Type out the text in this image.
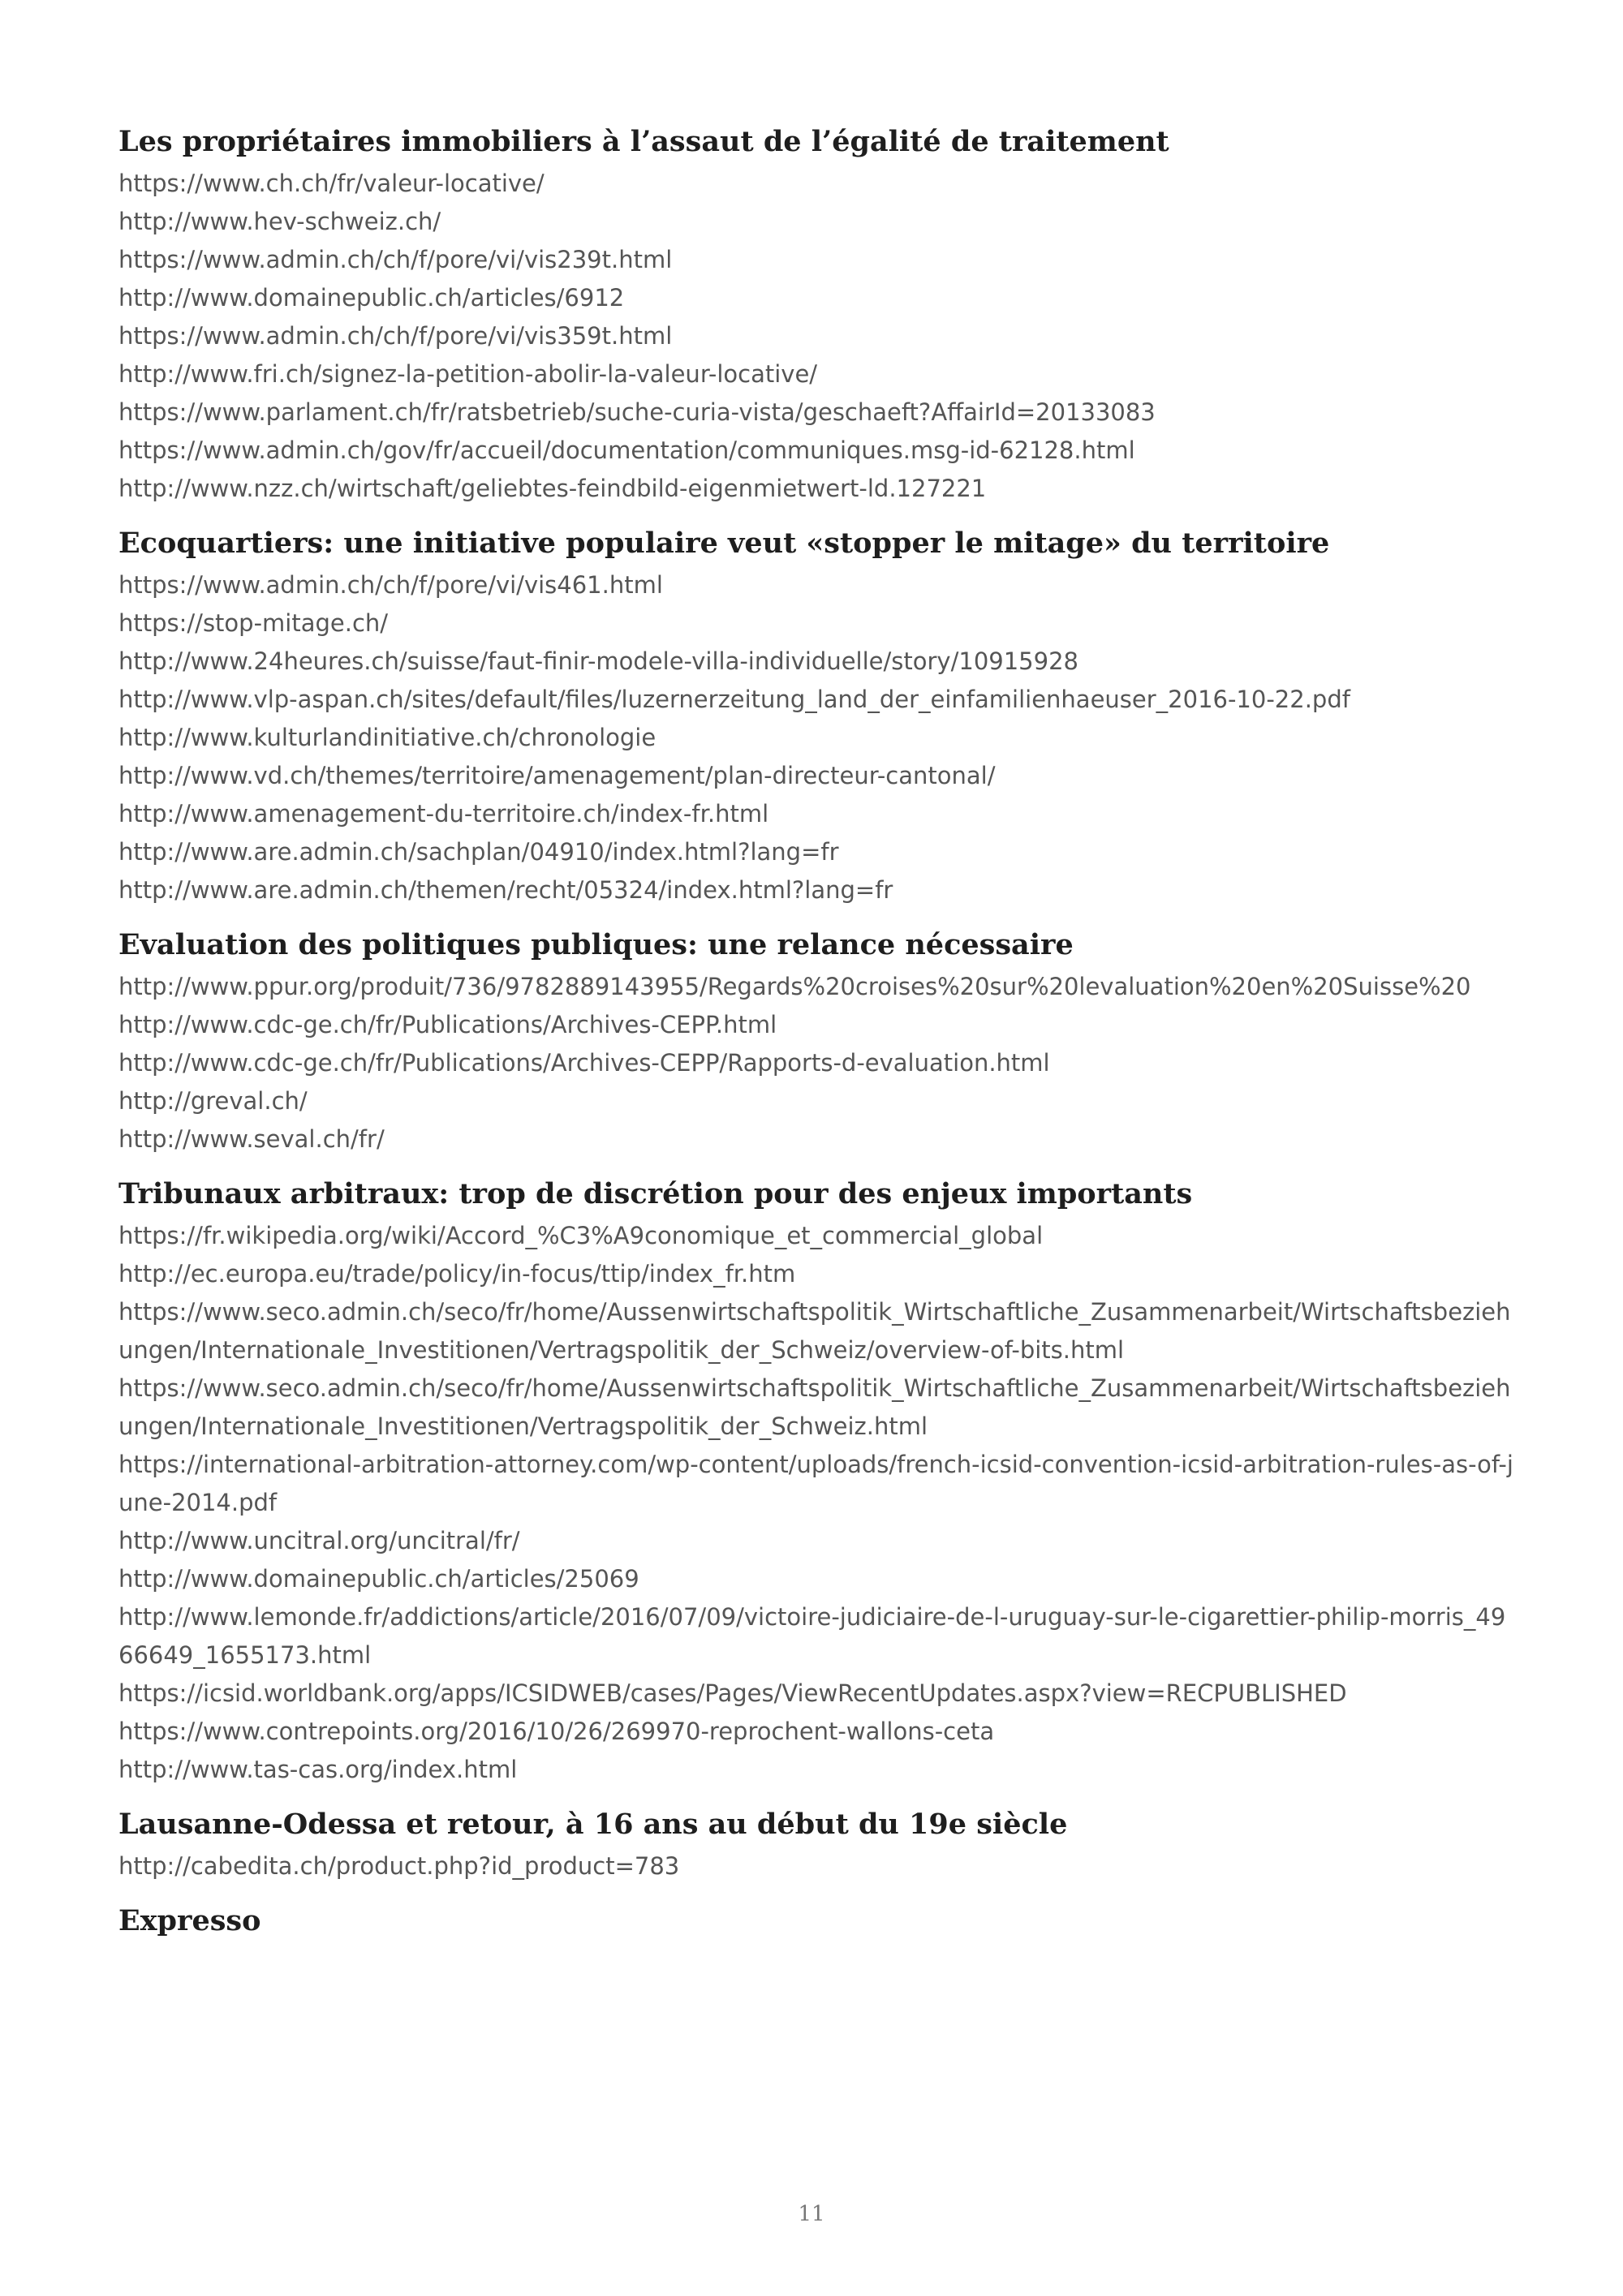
Les propriétaires immobiliers à l’assaut de l’égalité de traitement
https://www.ch.ch/fr/valeur-locative/
http://www.hev-schweiz.ch/
https://www.admin.ch/ch/f/pore/vi/vis239t.html
http://www.domainepublic.ch/articles/6912
https://www.admin.ch/ch/f/pore/vi/vis359t.html
http://www.fri.ch/signez-la-petition-abolir-la-valeur-locative/
https://www.parlament.ch/fr/ratsbetrieb/suche-curia-vista/geschaeft?AffairId=20133083
https://www.admin.ch/gov/fr/accueil/documentation/communiques.msg-id-62128.html
http://www.nzz.ch/wirtschaft/geliebtes-feindbild-eigenmietwert-ld.127221
Ecoquartiers: une initiative populaire veut «stopper le mitage» du territoire
https://www.admin.ch/ch/f/pore/vi/vis461.html
https://stop-mitage.ch/
http://www.24heures.ch/suisse/faut-finir-modele-villa-individuelle/story/10915928
http://www.vlp-aspan.ch/sites/default/files/luzernerzeitung_land_der_einfamilienhaeuser_2016-10-22.pdf
http://www.kulturlandinitiative.ch/chronologie
http://www.vd.ch/themes/territoire/amenagement/plan-directeur-cantonal/
http://www.amenagement-du-territoire.ch/index-fr.html
http://www.are.admin.ch/sachplan/04910/index.html?lang=fr
http://www.are.admin.ch/themen/recht/05324/index.html?lang=fr
Evaluation des politiques publiques: une relance nécessaire
http://www.ppur.org/produit/736/9782889143955/Regards%20croises%20sur%20levaluation%20en%20Suisse%20
http://www.cdc-ge.ch/fr/Publications/Archives-CEPP.html
http://www.cdc-ge.ch/fr/Publications/Archives-CEPP/Rapports-d-evaluation.html
http://greval.ch/
http://www.seval.ch/fr/
Tribunaux arbitraux: trop de discrétion pour des enjeux importants
https://fr.wikipedia.org/wiki/Accord_%C3%A9conomique_et_commercial_global
http://ec.europa.eu/trade/policy/in-focus/ttip/index_fr.htm
https://www.seco.admin.ch/seco/fr/home/Aussenwirtschaftspolitik_Wirtschaftliche_Zusammenarbeit/Wirtschaftsbeziehungen/Internationale_Investitionen/Vertragspolitik_der_Schweiz/overview-of-bits.html
https://www.seco.admin.ch/seco/fr/home/Aussenwirtschaftspolitik_Wirtschaftliche_Zusammenarbeit/Wirtschaftsbeziehungen/Internationale_Investitionen/Vertragspolitik_der_Schweiz.html
https://international-arbitration-attorney.com/wp-content/uploads/french-icsid-convention-icsid-arbitration-rules-as-of-june-2014.pdf
http://www.uncitral.org/uncitral/fr/
http://www.domainepublic.ch/articles/25069
http://www.lemonde.fr/addictions/article/2016/07/09/victoire-judiciaire-de-l-uruguay-sur-le-cigarettier-philip-morris_4966649_1655173.html
https://icsid.worldbank.org/apps/ICSIDWEB/cases/Pages/ViewRecentUpdates.aspx?view=RECPUBLISHED
https://www.contrepoints.org/2016/10/26/269970-reprochent-wallons-ceta
http://www.tas-cas.org/index.html
Lausanne-Odessa et retour, à 16 ans au début du 19e siècle
http://cabedita.ch/product.php?id_product=783
Expresso
11
